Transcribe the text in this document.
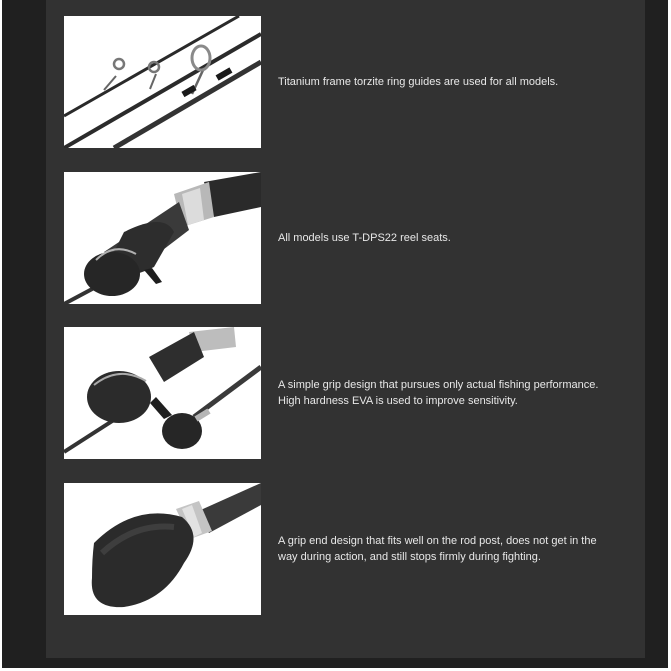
Titanium frame torzite ring guides are used for all models.
All models use T-DPS22 reel seats.
A simple grip design that pursues only actual fishing performance. High hardness EVA is used to improve sensitivity.
A grip end design that fits well on the rod post, does not get in the way during action, and still stops firmly during fighting.
